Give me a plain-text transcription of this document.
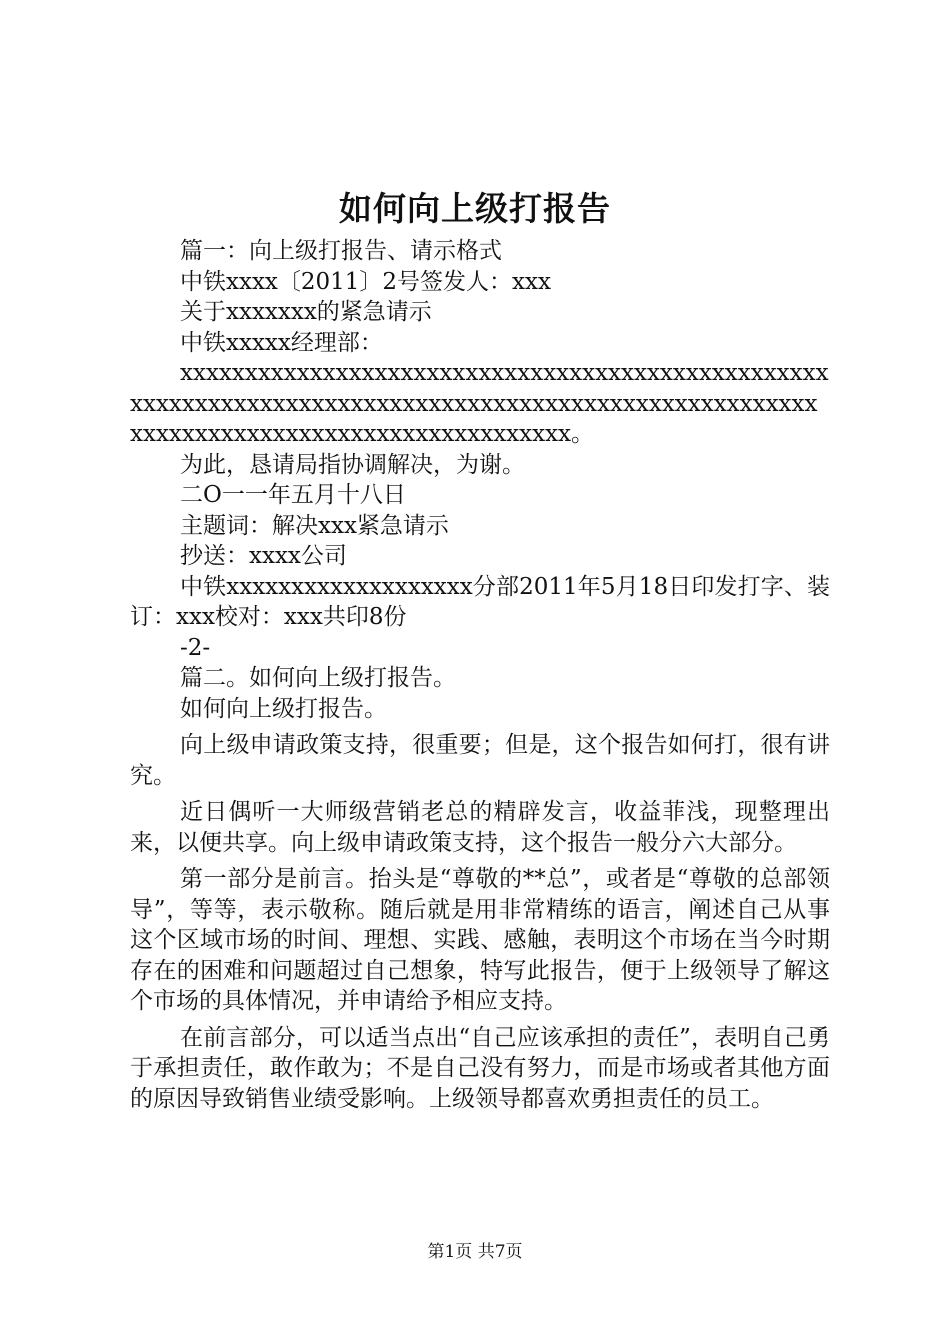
如何向上级打报告

篇一：向上级打报告、请示格式

中铁xxxx〔2011〕2号签发人：xxx

关于xxxxxxx的紧急请示

中铁xxxxx经理部：

xxxxxxxxxxxxxxxxxxxxxxxxxxxxxxxxxxxxxxxxxxxxxxxxxxxxxxxxxxxxxxxxxxxxxxxxxxxxxxxxxxxxxxxxxxxxxxxxxxxxxxxxxxxxxxxxxxxxxxxxxxxxxxxxxxxxxxxxx。

为此，恳请局指协调解决，为谢。

二O一一年五月十八日

主题词：解决xxx紧急请示

抄送：xxxx公司

中铁xxxxxxxxxxxxxxxxxxx分部2011年5月18日印发打字、装订：xxx校对：xxx共印8份

-2-

篇二。如何向上级打报告。

如何向上级打报告。

向上级申请政策支持，很重要；但是，这个报告如何打，很有讲究。

近日偶听一大师级营销老总的精辟发言，收益菲浅，现整理出来，以便共享。向上级申请政策支持，这个报告一般分六大部分。

第一部分是前言。抬头是“尊敬的**总”，或者是“尊敬的总部领导”，等等，表示敬称。随后就是用非常精练的语言，阐述自己从事这个区域市场的时间、理想、实践、感触，表明这个市场在当今时期存在的困难和问题超过自己想象，特写此报告，便于上级领导了解这个市场的具体情况，并申请给予相应支持。

在前言部分，可以适当点出“自己应该承担的责任”，表明自己勇于承担责任，敢作敢为；不是自己没有努力，而是市场或者其他方面的原因导致销售业绩受影响。上级领导都喜欢勇担责任的员工。

第1页 共7页
